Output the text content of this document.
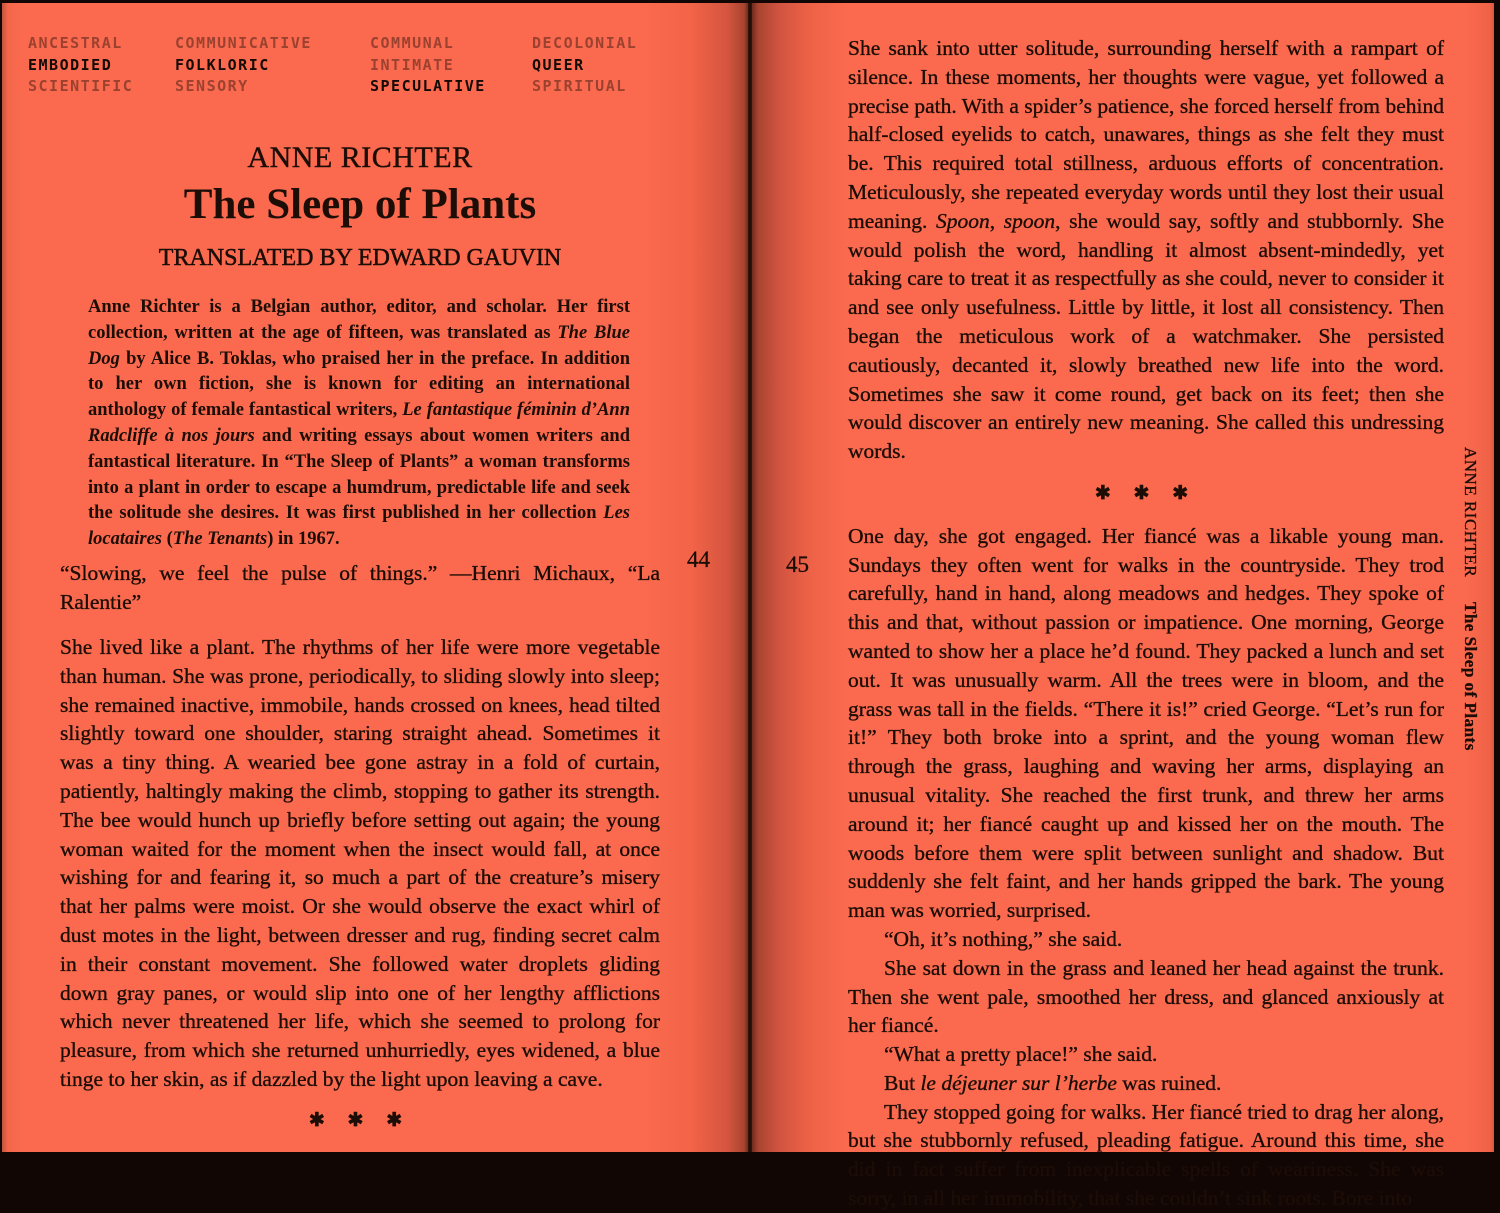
ANCESTRAL
EMBODIED
SCIENTIFIC
COMMUNICATIVE
FOLKLORIC
SENSORY
COMMUNAL
INTIMATE
SPECULATIVE
DECOLONIAL
QUEER
SPIRITUAL
ANNE RICHTER
The Sleep of Plants
TRANSLATED BY EDWARD GAUVIN
Anne Richter is a Belgian author, editor, and scholar. Her first collection, written at the age of fifteen, was translated as The Blue Dog by Alice B. Toklas, who praised her in the preface. In addition to her own fiction, she is known for editing an international anthology of female fantastical writers, Le fantastique féminin d’Ann Radcliffe à nos jours and writing essays about women writers and fantastical literature. In “The Sleep of Plants” a woman transforms into a plant in order to escape a humdrum, predictable life and seek the solitude she desires. It was first published in her collection Les locataires (The Tenants) in 1967.
“Slowing, we feel the pulse of things.” —Henri Michaux, “La Ralentie”
She lived like a plant. The rhythms of her life were more vegetable than human. She was prone, periodically, to sliding slowly into sleep; she remained inactive, immobile, hands crossed on knees, head tilted slightly toward one shoulder, staring straight ahead. Sometimes it was a tiny thing. A wearied bee gone astray in a fold of curtain, patiently, haltingly making the climb, stopping to gather its strength. The bee would hunch up briefly before setting out again; the young woman waited for the moment when the insect would fall, at once wishing for and fearing it, so much a part of the creature’s misery that her palms were moist. Or she would observe the exact whirl of dust motes in the light, between dresser and rug, finding secret calm in their constant movement. She followed water droplets gliding down gray panes, or would slip into one of her lengthy afflictions which never threatened her life, which she seemed to prolong for pleasure, from which she returned unhurriedly, eyes widened, a blue tinge to her skin, as if dazzled by the light upon leaving a cave.
✱ ✱ ✱
44	45

She sank into utter solitude, surrounding herself with a rampart of silence. In these moments, her thoughts were vague, yet followed a precise path. With a spider’s patience, she forced herself from behind half-closed eyelids to catch, unawares, things as she felt they must be. This required total stillness, arduous efforts of concentration. Meticulously, she repeated everyday words until they lost their usual meaning. Spoon, spoon, she would say, softly and stubbornly. She would polish the word, handling it almost absent-mindedly, yet taking care to treat it as respectfully as she could, never to consider it and see only usefulness. Little by little, it lost all consistency. Then began the meticulous work of a watchmaker. She persisted cautiously, decanted it, slowly breathed new life into the word. Sometimes she saw it come round, get back on its feet; then she would discover an entirely new meaning. She called this undressing words.

✱ ✱ ✱

One day, she got engaged. Her fiancé was a likable young man. Sundays they often went for walks in the countryside. They trod carefully, hand in hand, along meadows and hedges. They spoke of this and that, without passion or impatience. One morning, George wanted to show her a place he’d found. They packed a lunch and set out. It was unusually warm. All the trees were in bloom, and the grass was tall in the fields. “There it is!” cried George. “Let’s run for it!” They both broke into a sprint, and the young woman flew through the grass, laughing and waving her arms, displaying an unusual vitality. She reached the first trunk, and threw her arms around it; her fiancé caught up and kissed her on the mouth. The woods before them were split between sunlight and shadow. But suddenly she felt faint, and her hands gripped the bark. The young man was worried, surprised.

“Oh, it’s nothing,” she said.

She sat down in the grass and leaned her head against the trunk. Then she went pale, smoothed her dress, and glanced anxiously at her fiancé.

“What a pretty place!” she said.

But le déjeuner sur l’herbe was ruined.

They stopped going for walks. Her fiancé tried to drag her along, but she stubbornly refused, pleading fatigue. Around this time, she did in fact suffer from inexplicable spells of weariness. She was sorry, in all her immobility, that she couldn’t sink roots. Bore into

ANNE RICHTER The Sleep of Plants
